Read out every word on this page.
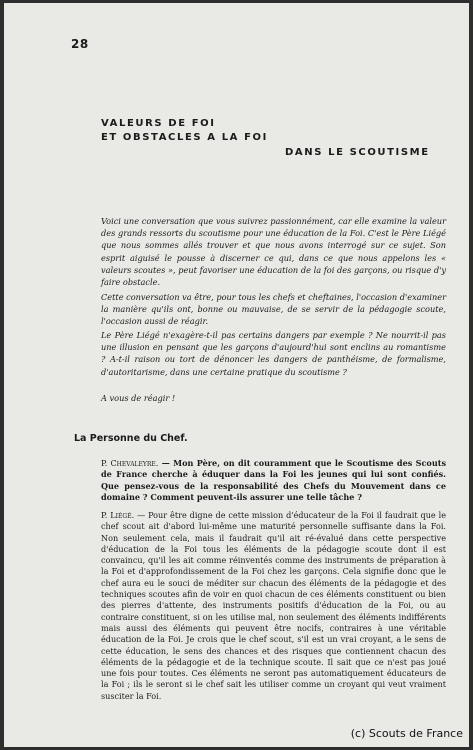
28
VALEURS DE FOI
ET OBSTACLES A LA FOI
DANS LE SCOUTISME

Voici une conversation que vous suivrez passionnément, car elle examine la valeur des grands ressorts du scoutisme pour une éducation de la Foi. C'est le Père Liégé que nous sommes allés trouver et que nous avons interrogé sur ce sujet. Son esprit aiguisé le pousse à discerner ce qui, dans ce que nous appelons les « valeurs scoutes », peut favoriser une éducation de la foi des garçons, ou risque d'y faire obstacle.

Cette conversation va être, pour tous les chefs et cheftaines, l'occasion d'examiner la manière qu'ils ont, bonne ou mauvaise, de se servir de la pédagogie scoute, l'occasion aussi de réagir.

Le Père Liégé n'exagère-t-il pas certains dangers par exemple ? Ne nourrit-il pas une illusion en pensant que les garçons d'aujourd'hui sont enclins au romantisme ? A-t-il raison ou tort de dénoncer les dangers de panthéisme, de formalisme, d'autoritarisme, dans une certaine pratique du scoutisme ?

A vous de réagir !

La Personne du Chef.

P. Chevaleyre. — Mon Père, on dit couramment que le Scoutisme des Scouts de France cherche à éduquer dans la Foi les jeunes qui lui sont confiés. Que pensez-vous de la responsabilité des Chefs du Mouvement dans ce domaine ? Comment peuvent-ils assurer une telle tâche ?

P. Liégé. — Pour être digne de cette mission d'éducateur de la Foi il faudrait que le chef scout ait d'abord lui-même une maturité personnelle suffisante dans la Foi. Non seulement cela, mais il faudrait qu'il ait ré-évalué dans cette perspective d'éducation de la Foi tous les éléments de la pédagogie scoute dont il est convaincu, qu'il les ait comme réinventés comme des instruments de préparation à la Foi et d'approfondissement de la Foi chez les garçons. Cela signifie donc que le chef aura eu le souci de méditer sur chacun des éléments de la pédagogie et des techniques scoutes afin de voir en quoi chacun de ces éléments constituent ou bien des pierres d'attente, des instruments positifs d'éducation de la Foi, ou au contraire constituent, si on les utilise mal, non seulement des éléments indifférents mais aussi des éléments qui peuvent être nocifs, contraires à une véritable éducation de la Foi. Je crois que le chef scout, s'il est un vrai croyant, a le sens de cette éducation, le sens des chances et des risques que contiennent chacun des éléments de la pédagogie et de la technique scoute. Il sait que ce n'est pas joué une fois pour toutes. Ces éléments ne seront pas automatiquement éducateurs de la Foi ; ils le seront si le chef sait les utiliser comme un croyant qui veut vraiment susciter la Foi.

(c) Scouts de France
